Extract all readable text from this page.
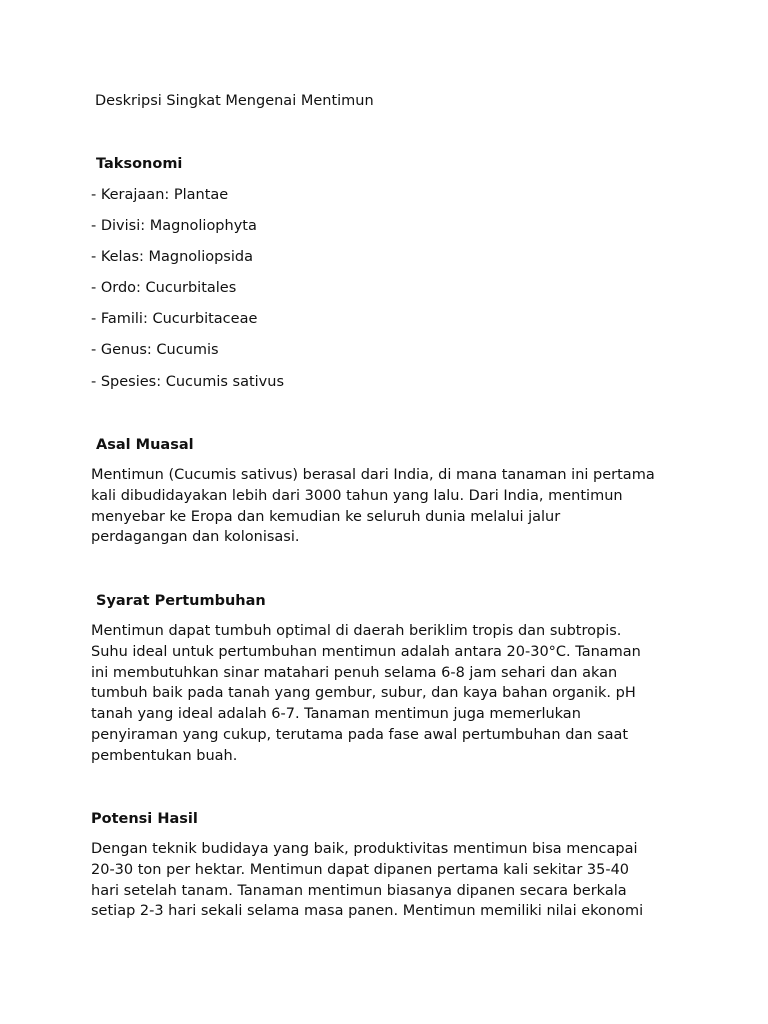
Deskripsi Singkat Mengenai Mentimun

Taksonomi

- Kerajaan: Plantae

- Divisi: Magnoliophyta

- Kelas: Magnoliopsida

- Ordo: Cucurbitales

- Famili: Cucurbitaceae

- Genus: Cucumis

- Spesies: Cucumis sativus

Asal Muasal

Mentimun (Cucumis sativus) berasal dari India, di mana tanaman ini pertama
kali dibudidayakan lebih dari 3000 tahun yang lalu. Dari India, mentimun
menyebar ke Eropa dan kemudian ke seluruh dunia melalui jalur
perdagangan dan kolonisasi.

Syarat Pertumbuhan

Mentimun dapat tumbuh optimal di daerah beriklim tropis dan subtropis.
Suhu ideal untuk pertumbuhan mentimun adalah antara 20-30°C. Tanaman
ini membutuhkan sinar matahari penuh selama 6-8 jam sehari dan akan
tumbuh baik pada tanah yang gembur, subur, dan kaya bahan organik. pH
tanah yang ideal adalah 6-7. Tanaman mentimun juga memerlukan
penyiraman yang cukup, terutama pada fase awal pertumbuhan dan saat
pembentukan buah.

Potensi Hasil

Dengan teknik budidaya yang baik, produktivitas mentimun bisa mencapai
20-30 ton per hektar. Mentimun dapat dipanen pertama kali sekitar 35-40
hari setelah tanam. Tanaman mentimun biasanya dipanen secara berkala
setiap 2-3 hari sekali selama masa panen. Mentimun memiliki nilai ekonomi
